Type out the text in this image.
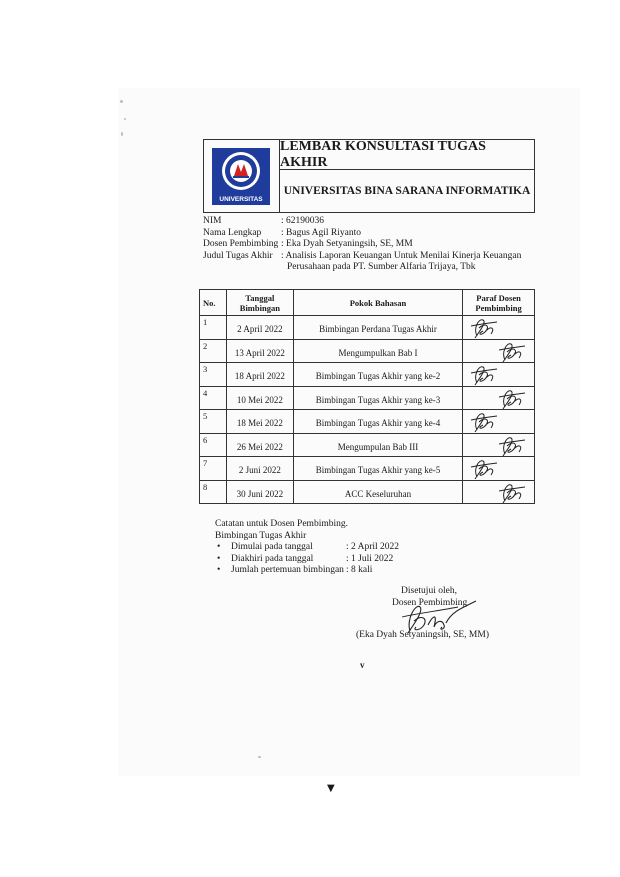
UNIVERSITAS
LEMBAR KONSULTASI TUGAS AKHIR
UNIVERSITAS BINA SARANA INFORMATIKA
NIM	: 62190036
Nama Lengkap	: Bagus Agil Riyanto
Dosen Pembimbing : Eka Dyah Setyaningsih, SE, MM
Judul Tugas Akhir : Analisis Laporan Keuangan Untuk Menilai Kinerja Keuangan
Perusahaan pada PT. Sumber Alfaria Trijaya, Tbk
No.	Tanggal Bimbingan	Pokok Bahasan	Paraf Dosen Pembimbing
1	2 April 2022	Bimbingan Perdana Tugas Akhir	

2	13 April 2022	Mengumpulkan Bab I	

3	18 April 2022	Bimbingan Tugas Akhir yang ke-2	

4	10 Mei 2022	Bimbingan Tugas Akhir yang ke-3	

5	18 Mei 2022	Bimbingan Tugas Akhir yang ke-4	

6	26 Mei 2022	Mengumpulan Bab III	

7	2 Juni 2022	Bimbingan Tugas Akhir yang ke-5	

8	30 Juni 2022	ACC Keseluruhan	
Catatan untuk Dosen Pembimbing.
Bimbingan Tugas Akhir
•	Dimulai pada tanggal	: 2 April 2022
•	Diakhiri pada tanggal	: 1 Juli 2022
•	Jumlah pertemuan bimbingan : 8 kali
Disetujui oleh,
Dosen Pembimbing
(Eka Dyah Setyaningsih, SE, MM)
v
▼
